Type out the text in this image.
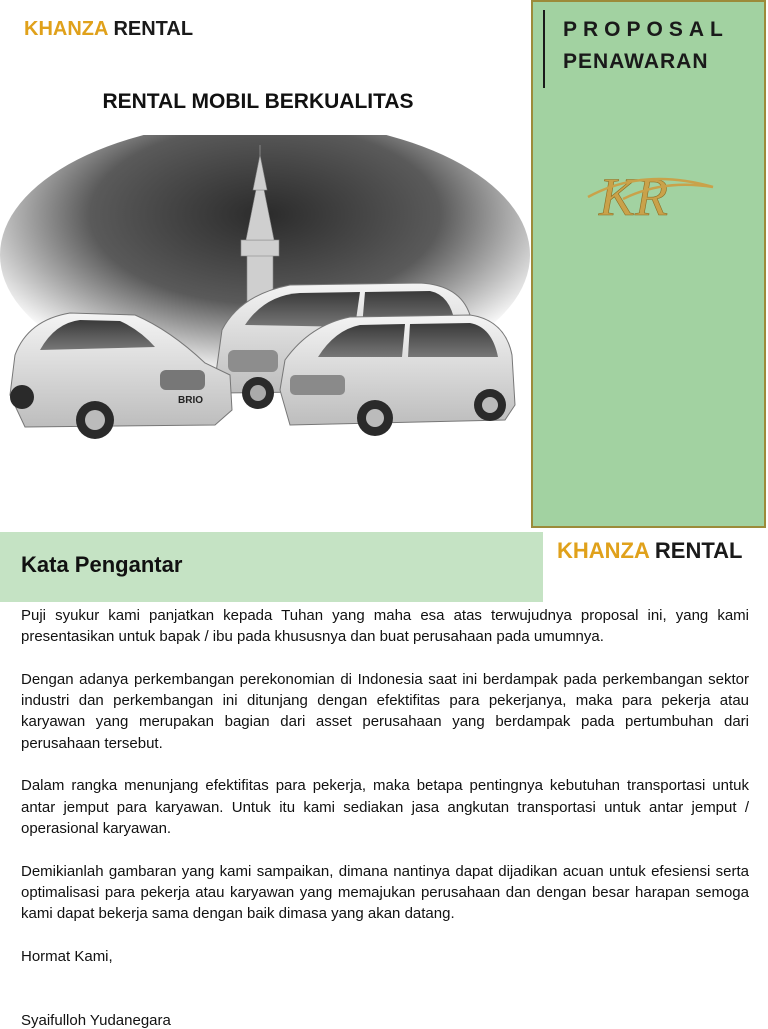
KHANZA RENTAL
RENTAL MOBIL BERKUALITAS
BRIO
PROPOSAL
PENAWARAN
KR
Kata Pengantar
KHANZA RENTAL

Puji syukur kami panjatkan kepada Tuhan yang maha esa atas terwujudnya proposal ini, yang kami presentasikan untuk bapak / ibu pada khususnya dan buat perusahaan pada umumnya.

Dengan adanya perkembangan perekonomian di Indonesia saat ini berdampak pada perkembangan sektor industri dan perkembangan ini ditunjang dengan efektifitas para pekerjanya, maka para pekerja atau karyawan yang merupakan bagian dari asset perusahaan yang berdampak pada pertumbuhan dari perusahaan tersebut.

Dalam rangka menunjang efektifitas para pekerja, maka betapa pentingnya kebutuhan transportasi untuk antar jemput para karyawan. Untuk itu kami sediakan jasa angkutan transportasi untuk antar jemput / operasional karyawan.

Demikianlah gambaran yang kami sampaikan, dimana nantinya dapat dijadikan acuan untuk efesiensi serta optimalisasi para pekerja atau karyawan yang memajukan perusahaan dan dengan besar harapan semoga kami dapat bekerja sama dengan baik dimasa yang akan datang.

Hormat Kami,

Syaifulloh Yudanegara
